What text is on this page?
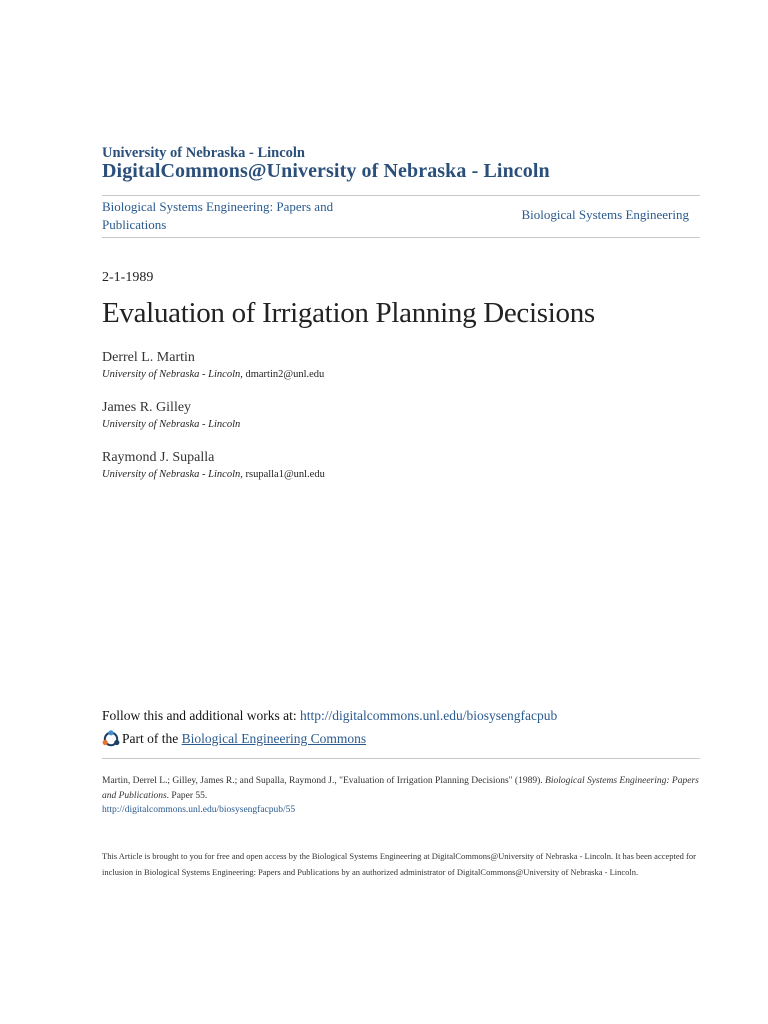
University of Nebraska - Lincoln
DigitalCommons@University of Nebraska - Lincoln
Biological Systems Engineering: Papers and Publications
Biological Systems Engineering
2-1-1989
Evaluation of Irrigation Planning Decisions
Derrel L. Martin
University of Nebraska - Lincoln, dmartin2@unl.edu
James R. Gilley
University of Nebraska - Lincoln
Raymond J. Supalla
University of Nebraska - Lincoln, rsupalla1@unl.edu
Follow this and additional works at: http://digitalcommons.unl.edu/biosysengfacpub
Part of the
Biological Engineering Commons
Martin, Derrel L.; Gilley, James R.; and Supalla, Raymond J., "Evaluation of Irrigation Planning Decisions" (1989). Biological Systems Engineering: Papers and Publications. Paper 55.
http://digitalcommons.unl.edu/biosysengfacpub/55
This Article is brought to you for free and open access by the Biological Systems Engineering at DigitalCommons@University of Nebraska - Lincoln. It has been accepted for inclusion in Biological Systems Engineering: Papers and Publications by an authorized administrator of DigitalCommons@University of Nebraska - Lincoln.
